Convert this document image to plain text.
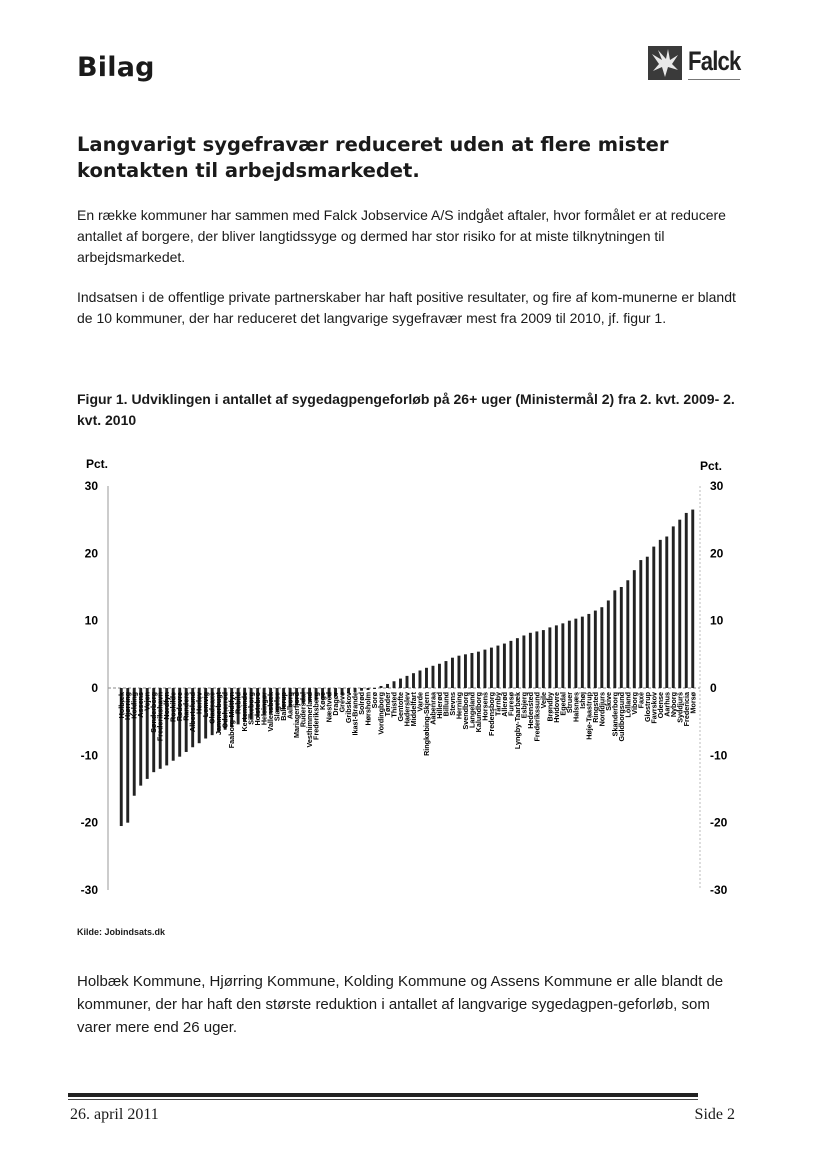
Bilag	Falck
Langvarigt sygefravær reduceret uden at flere mister kontakten til arbejdsmarkedet.
En række kommuner har sammen med Falck Jobservice A/S indgået aftaler, hvor formålet er at reducere antallet af borgere, der bliver langtidssyge og dermed har stor risiko for at miste tilknytningen til arbejdsmarkedet.
Indsatsen i de offentlige private partnerskaber har haft positive resultater, og fire af kom-munerne er blandt de 10 kommuner, der har reduceret det langvarige sygefravær mest fra 2009 til 2010, jf. figur 1.
Figur 1. Udviklingen i antallet af sygedagpengeforløb på 26+ uger (Ministermål 2) fra 2. kvt. 2009- 2. kvt. 2010
Holbæk
Hjørring
Kolding
Assens
Vejen
Sønderborg
Frederikshavn
Nordfyn
Roskilde
Rødovre
Randers
Albertslund
Herlev
Lemvig
Gladsaxe
Jammerbugt
Odsherred
Faaborg-Midtfyn
Rebild
Kerteminde
Silkeborg
Holstebro
Helsingør
Vallensbæk
Slagelse
Ballerup
Aalborg
Mariagerfjord
Rudersdal
Vesthimmerland
Frederiksberg
Køge
Næstved
Dragør
Greve
Gribskov
Ikast-Brande
Solrød
Hørsholm
Sorø
Vordingborg
Tønder
Thisted
Gentofte
Haderslev
Middelfart
Varde
Ringkøbing-Skjern
Aabenraa
Hillerød
Billund
Stevns
Herning
Svendborg
Langeland
Kalundborg
Horsens
Fredensborg
Tårnby
Allerød
Furesø
Lyngby-Taarbæk
Esbjerg
Hedensted
Frederikssund
Vejle
Brøndby
Hvidovre
Egedal
Struer
Halsnæs
Ishøj
Høje-Taastrup
Ringsted
Norddjurs
Skive
Skanderborg
Guldborgsund
Lolland
Viborg
Faxe
Glostrup
Favrskov
Odense
Aarhus
Nyborg
Syddjurs
Fredericia
Morsø
Pct.	Pct.
30	30
20	20
10	10
0	0
-10	-10
-20	-20
-30	-30
Kilde: Jobindsats.dk
Holbæk Kommune, Hjørring Kommune, Kolding Kommune og Assens Kommune er alle blandt de kommuner, der har haft den største reduktion i antallet af langvarige sygedagpen-geforløb, som varer mere end 26 uger.
26. april 2011	Side 2
